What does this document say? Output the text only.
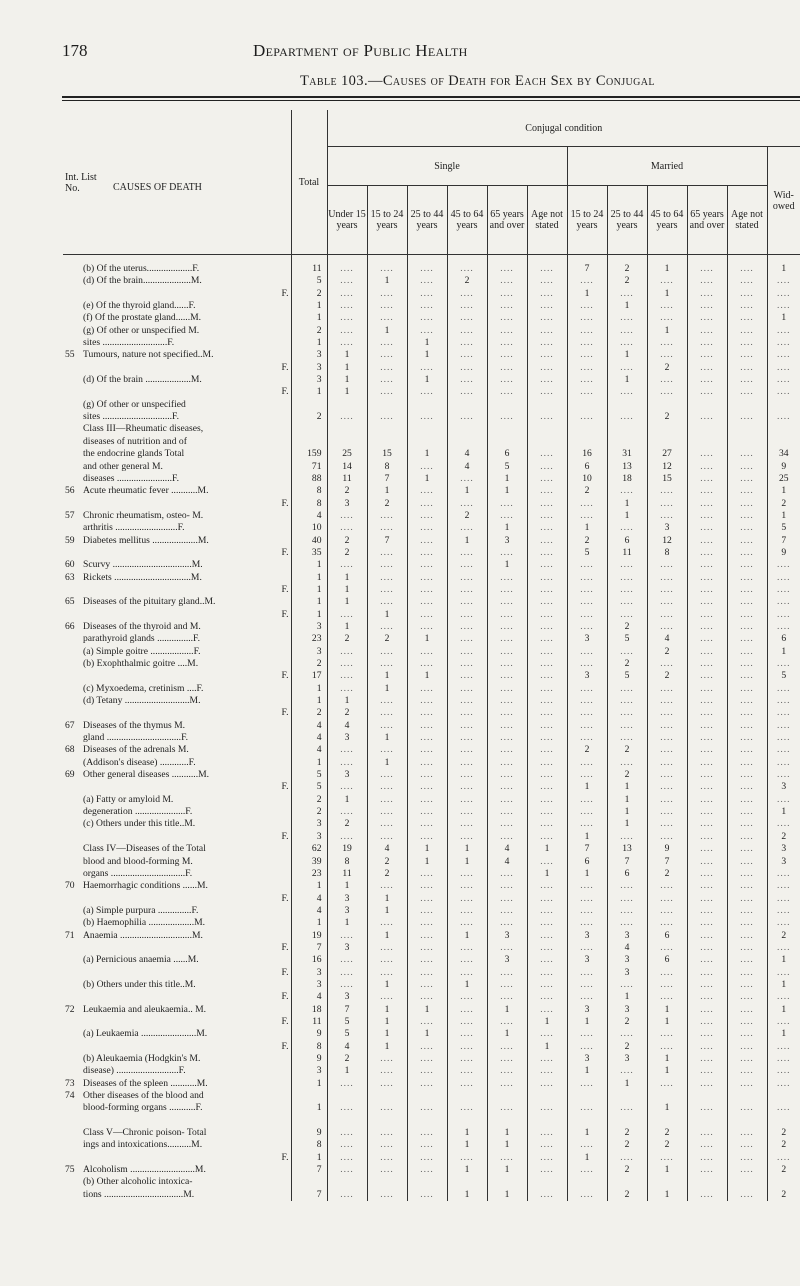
178	Department of Public Health
Table 103.—Causes of Death for Each Sex by Conjugal
Int. List No. CAUSES OF DEATH	Total	Conjugal condition											
		Single						Married					Wid- owed
		Under 15 years	15 to 24 years	25 to 44 years	45 to 64 years	65 years and over	Age not stated	15 to 24 years	25 to 44 years	45 to 64 years	65 years and over	Age not stated	

(b) Of the uterus...................F.	11	....	....	....	....	....	....	7	2	1	....	....	1
(d) Of the brain....................M.	5	....	1	....	2	....	....	....	2	....	....	....	....

F.	2	....	....	....	....	....	....	1	....	1	....	....	....
(e) Of the thyroid gland......F.	1	....	....	....	....	....	....	....	1	....	....	....	....
(f) Of the prostate gland......M.	1	....	....	....	....	....	....	....	....	....	....	....	1
(g) Of other or unspecified M.	2	....	1	....	....	....	....	....	....	1	....	....	....
sites ...........................F.	1	....	....	1	....	....	....	....	....	....	....	....	....
55 Tumours, nature not specified..M.	3	1	....	1	....	....	....	....	1	....	....	....	....

F.	3	1	....	....	....	....	....	....	....	2	....	....	....
(d) Of the brain ...................M.	3	1	....	1	....	....	....	....	1	....	....	....	....

F.	1	1	....	....	....	....	....	....	....	....	....	....	....
(g) Of other or unspecified													
sites .............................F.	2	....	....	....	....	....	....	....	....	2	....	....	....
Class III—Rheumatic diseases,													
diseases of nutrition and of													
the endocrine glands Total	159	25	15	1	4	6	....	16	31	27	....	....	34
and other general M.	71	14	8	....	4	5	....	6	13	12	....	....	9
diseases .......................F.	88	11	7	1	....	1	....	10	18	15	....	....	25
56 Acute rheumatic fever ...........M.	8	2	1	....	1	1	....	2	....	....	....	....	1

F.	8	3	2	....	....	....	....	....	1	....	....	....	2
57 Chronic rheumatism, osteo- M.	4	....	....	....	2	....	....	....	1	....	....	....	1
arthritis ..........................F.	10	....	....	....	....	1	....	1	....	3	....	....	5
59 Diabetes mellitus ...................M.	40	2	7	....	1	3	....	2	6	12	....	....	7

F.	35	2	....	....	....	....	....	5	11	8	....	....	9
60 Scurvy .................................M.	1	....	....	....	....	1	....	....	....	....	....	....	....
63 Rickets ................................M.	1	1	....	....	....	....	....	....	....	....	....	....	....

F.	1	1	....	....	....	....	....	....	....	....	....	....	....
65 Diseases of the pituitary gland..M.	1	1	....	....	....	....	....	....	....	....	....	....	....

F.	1	....	1	....	....	....	....	....	....	....	....	....	....
66 Diseases of the thyroid and M.	3	1	....	....	....	....	....	....	2	....	....	....	....
parathyroid glands ...............F.	23	2	2	1	....	....	....	3	5	4	....	....	6
(a) Simple goitre ..................F.	3	....	....	....	....	....	....	....	....	2	....	....	1
(b) Exophthalmic goitre ....M.	2	....	....	....	....	....	....	....	2	....	....	....	....

F.	17	....	1	1	....	....	....	3	5	2	....	....	5
(c) Myxoedema, cretinism ....F.	1	....	1	....	....	....	....	....	....	....	....	....	....
(d) Tetany ...........................M.	1	1	....	....	....	....	....	....	....	....	....	....	....

F.	2	2	....	....	....	....	....	....	....	....	....	....	....
67 Diseases of the thymus M.	4	4	....	....	....	....	....	....	....	....	....	....	....
gland ...............................F.	4	3	1	....	....	....	....	....	....	....	....	....	....
68 Diseases of the adrenals M.	4	....	....	....	....	....	....	2	2	....	....	....	....
(Addison's disease) ............F.	1	....	1	....	....	....	....	....	....	....	....	....	....
69 Other general diseases ...........M.	5	3	....	....	....	....	....	....	2	....	....	....	....

F.	5	....	....	....	....	....	....	1	1	....	....	....	3
(a) Fatty or amyloid M.	2	1	....	....	....	....	....	....	1	....	....	....	....
degeneration .....................F.	2	....	....	....	....	....	....	....	1	....	....	....	1
(c) Others under this title..M.	3	2	....	....	....	....	....	....	1	....	....	....	....

F.	3	....	....	....	....	....	....	1	....	....	....	....	2
Class IV—Diseases of the Total	62	19	4	1	1	4	1	7	13	9	....	....	3
blood and blood-forming M.	39	8	2	1	1	4	....	6	7	7	....	....	3
organs ...............................F.	23	11	2	....	....	....	1	1	6	2	....	....	....
70 Haemorrhagic conditions ......M.	1	1	....	....	....	....	....	....	....	....	....	....	....

F.	4	3	1	....	....	....	....	....	....	....	....	....	....
(a) Simple purpura ..............F.	4	3	1	....	....	....	....	....	....	....	....	....	....
(b) Haemophilia ...................M.	1	1	....	....	....	....	....	....	....	....	....	....	....
71 Anaemia ..............................M.	19	....	1	....	1	3	....	3	3	6	....	....	2

F.	7	3	....	....	....	....	....	....	4	....	....	....	....
(a) Pernicious anaemia ......M.	16	....	....	....	....	3	....	3	3	6	....	....	1

F.	3	....	....	....	....	....	....	....	3	....	....	....	....
(b) Others under this title..M.	3	....	1	....	1	....	....	....	....	....	....	....	1

F.	4	3	....	....	....	....	....	....	1	....	....	....	....
72 Leukaemia and aleukaemia.. M.	18	7	1	1	....	1	....	3	3	1	....	....	1

F.	11	5	1	....	....	....	1	1	2	1	....	....	....
(a) Leukaemia .......................M.	9	5	1	1	....	1	....	....	....	....	....	....	1

F.	8	4	1	....	....	....	1	....	2	....	....	....	....
(b) Aleukaemia (Hodgkin's M.	9	2	....	....	....	....	....	3	3	1	....	....	....
disease) ..........................F.	3	1	....	....	....	....	....	1	....	1	....	....	....
73 Diseases of the spleen ...........M.	1	....	....	....	....	....	....	....	1	....	....	....	....
74 Other diseases of the blood and													
blood-forming organs ...........F.	1	....	....	....	....	....	....	....	....	1	....	....	....

Class V—Chronic poison- Total	9	....	....	....	1	1	....	1	2	2	....	....	2
ings and intoxications..........M.	8	....	....	....	1	1	....	....	2	2	....	....	2

F.	1	....	....	....	....	....	....	1	....	....	....	....	....
75 Alcoholism ...........................M.	7	....	....	....	1	1	....	....	2	1	....	....	2
(b) Other alcoholic intoxica-													
tions .................................M.	7	....	....	....	1	1	....	....	2	1	....	....	2
